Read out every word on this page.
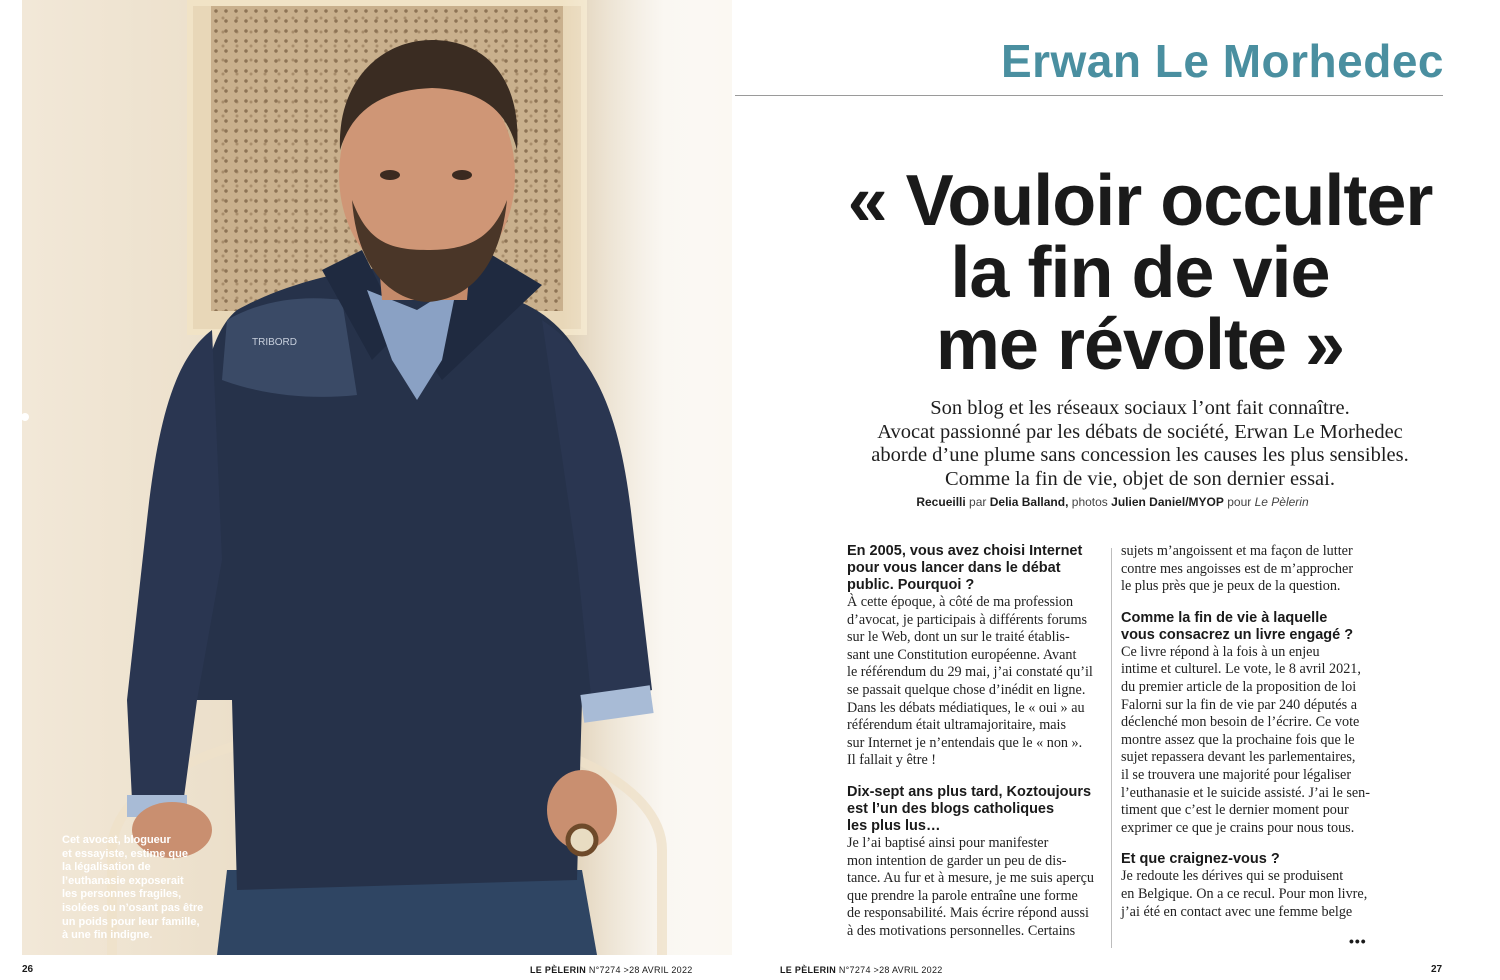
TRIBORD
Cet avocat, blogueur
et essayiste, estime que
la légalisation de
l’euthanasie exposerait
les personnes fragiles,
isolées ou n’osant pas être
un poids pour leur famille,
à une fin indigne.
26	LE PÈLERIN N°7274 >28 AVRIL 2022
Erwan Le Morhedec
« Vouloir occulter
la fin de vie
me révolte »
Son blog et les réseaux sociaux l’ont fait connaître.
Avocat passionné par les débats de société, Erwan Le Morhedec
aborde d’une plume sans concession les causes les plus sensibles.
Comme la fin de vie, objet de son dernier essai.
Recueilli par Delia Balland, photos Julien Daniel/MYOP pour Le Pèlerin
En 2005, vous avez choisi Internet
pour vous lancer dans le débat
public. Pourquoi ?
À cette époque, à côté de ma profession
d’avocat, je participais à différents forums
sur le Web, dont un sur le traité établis-
sant une Constitution européenne. Avant
le référendum du 29 mai, j’ai constaté qu’il
se passait quelque chose d’inédit en ligne.
Dans les débats médiatiques, le « oui » au
référendum était ultramajoritaire, mais
sur Internet je n’entendais que le « non ».
Il fallait y être !
Dix-sept ans plus tard, Koztoujours
est l’un des blogs catholiques
les plus lus…
Je l’ai baptisé ainsi pour manifester
mon intention de garder un peu de dis-
tance. Au fur et à mesure, je me suis aperçu
que prendre la parole entraîne une forme
de responsabilité. Mais écrire répond aussi
à des motivations personnelles. Certains
sujets m’angoissent et ma façon de lutter
contre mes angoisses est de m’approcher
le plus près que je peux de la question.
Comme la fin de vie à laquelle
vous consacrez un livre engagé ?
Ce livre répond à la fois à un enjeu
intime et culturel. Le vote, le 8 avril 2021,
du premier article de la proposition de loi
Falorni sur la fin de vie par 240 députés a
déclenché mon besoin de l’écrire. Ce vote
montre assez que la prochaine fois que le
sujet repassera devant les parlementaires,
il se trouvera une majorité pour légaliser
l’euthanasie et le suicide assisté. J’ai le sen-
timent que c’est le dernier moment pour
exprimer ce que je crains pour nous tous.
Et que craignez-vous ?
Je redoute les dérives qui se produisent
en Belgique. On a ce recul. Pour mon livre,
j’ai été en contact avec une femme belge
•••
LE PÈLERIN N°7274 >28 AVRIL 2022	27
